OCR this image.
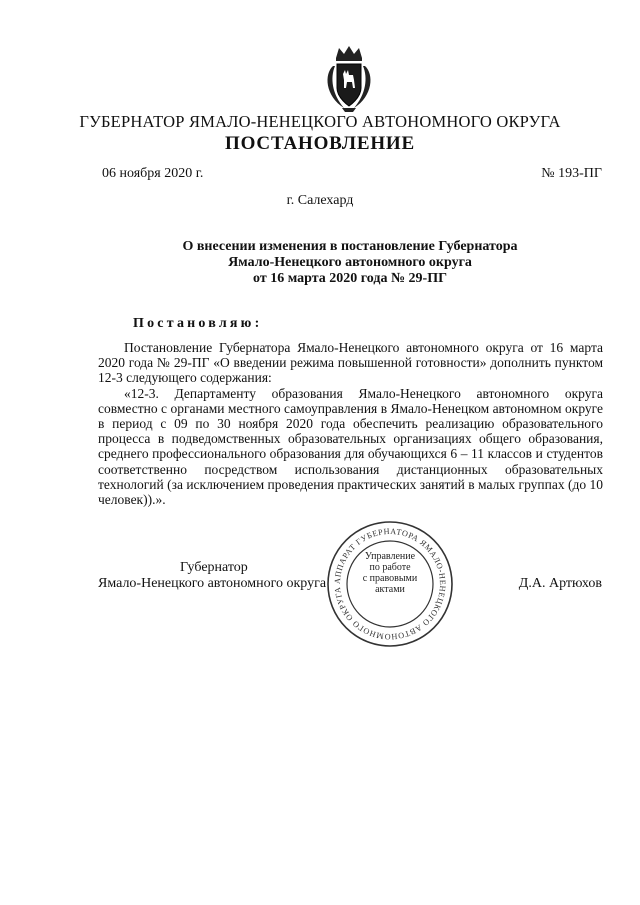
ГУБЕРНАТОР ЯМАЛО-НЕНЕЦКОГО АВТОНОМНОГО ОКРУГА
ПОСТАНОВЛЕНИЕ
06 ноября 2020 г.	№ 193-ПГ
г. Салехард
О внесении изменения в постановление Губернатора
Ямало-Ненецкого автономного округа
от 16 марта 2020 года № 29-ПГ
Постановляю:

Постановление Губернатора Ямало-Ненецкого автономного округа от 16 марта 2020 года № 29-ПГ «О введении режима повышенной готовности» дополнить пунктом 12-3 следующего содержания:

«12-3. Департаменту образования Ямало-Ненецкого автономного округа совместно с органами местного самоуправления в Ямало-Ненецком автономном округе в период с 09 по 30 ноября 2020 года обеспечить реализацию образовательного процесса в подведомственных образовательных организациях общего образования, среднего профессионального образования для обучающихся 6 – 11 классов и студентов соответственно посредством использования дистанционных образовательных технологий (за исключением проведения практических занятий в малых группах (до 10 человек)).».

Губернатор
Ямало-Ненецкого автономного округа	Д.А. Артюхов
АППАРАТ ГУБЕРНАТОРА ЯМАЛО-НЕНЕЦКОГО АВТОНОМНОГО ОКРУГА
Управление
по работе
с правовыми
актами
